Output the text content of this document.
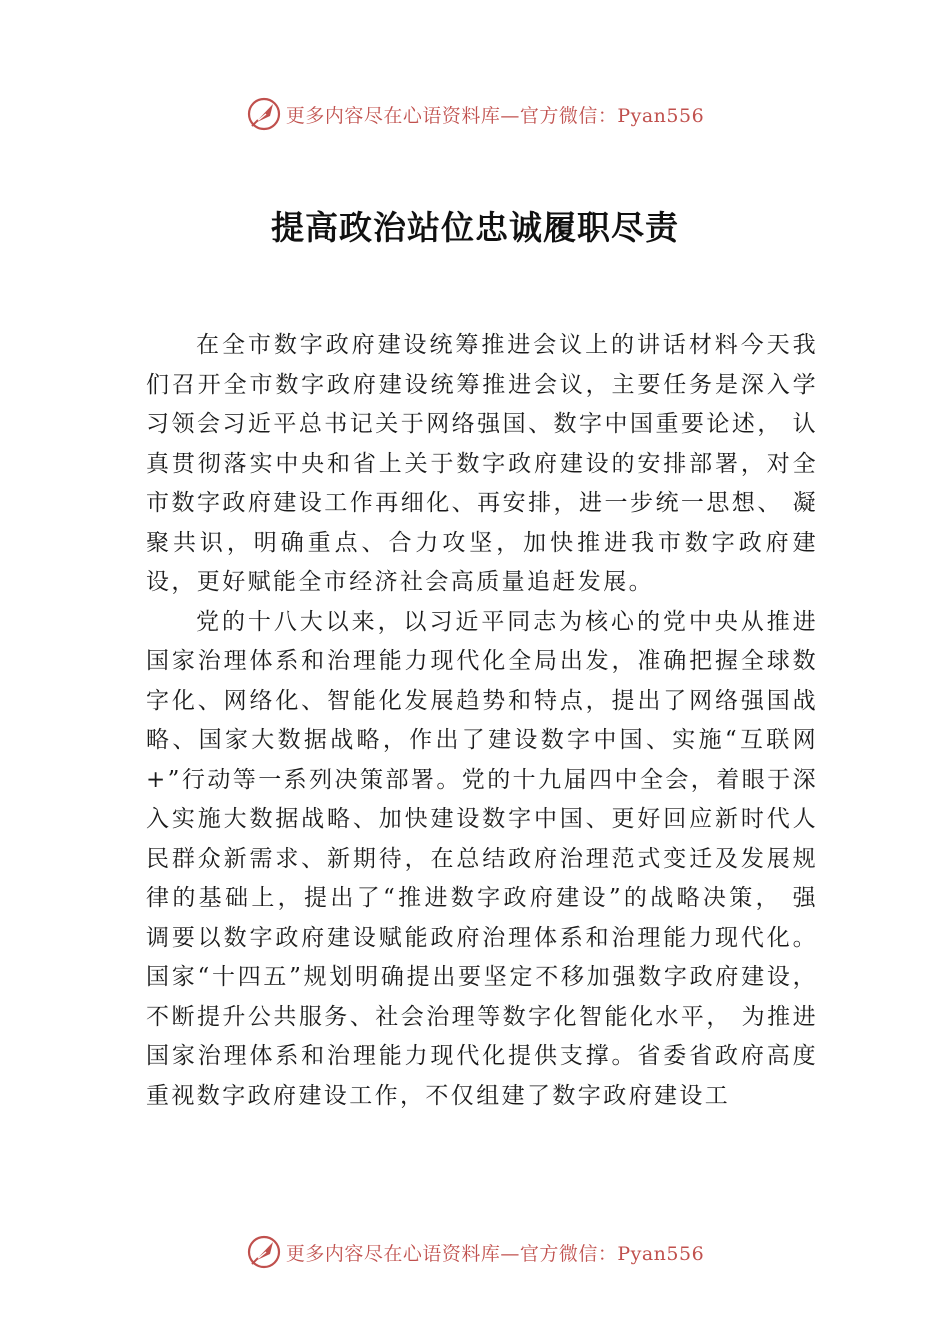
更多内容尽在心语资料库—官方微信：Pyan556
提高政治站位忠诚履职尽责

在全市数字政府建设统筹推进会议上的讲话材料今天我们召开全市数字政府建设统筹推进会议，主要任务是深入学习领会习近平总书记关于网络强国、数字中国重要论述， 认真贯彻落实中央和省上关于数字政府建设的安排部署，对全市数字政府建设工作再细化、再安排，进一步统一思想、 凝聚共识，明确重点、合力攻坚，加快推进我市数字政府建设，更好赋能全市经济社会高质量追赶发展。

党的十八大以来，以习近平同志为核心的党中央从推进国家治理体系和治理能力现代化全局出发，准确把握全球数字化、网络化、智能化发展趋势和特点，提出了网络强国战略、国家大数据战略，作出了建设数字中国、实施“互联网+”行动等一系列决策部署。党的十九届四中全会，着眼于深入实施大数据战略、加快建设数字中国、更好回应新时代人民群众新需求、新期待，在总结政府治理范式变迁及发展规律的基础上，提出了“推进数字政府建设”的战略决策， 强调要以数字政府建设赋能政府治理体系和治理能力现代化。国家“十四五”规划明确提出要坚定不移加强数字政府建设，不断提升公共服务、社会治理等数字化智能化水平， 为推进国家治理体系和治理能力现代化提供支撑。省委省政府高度重视数字政府建设工作，不仅组建了数字政府建设工

更多内容尽在心语资料库—官方微信：Pyan556
